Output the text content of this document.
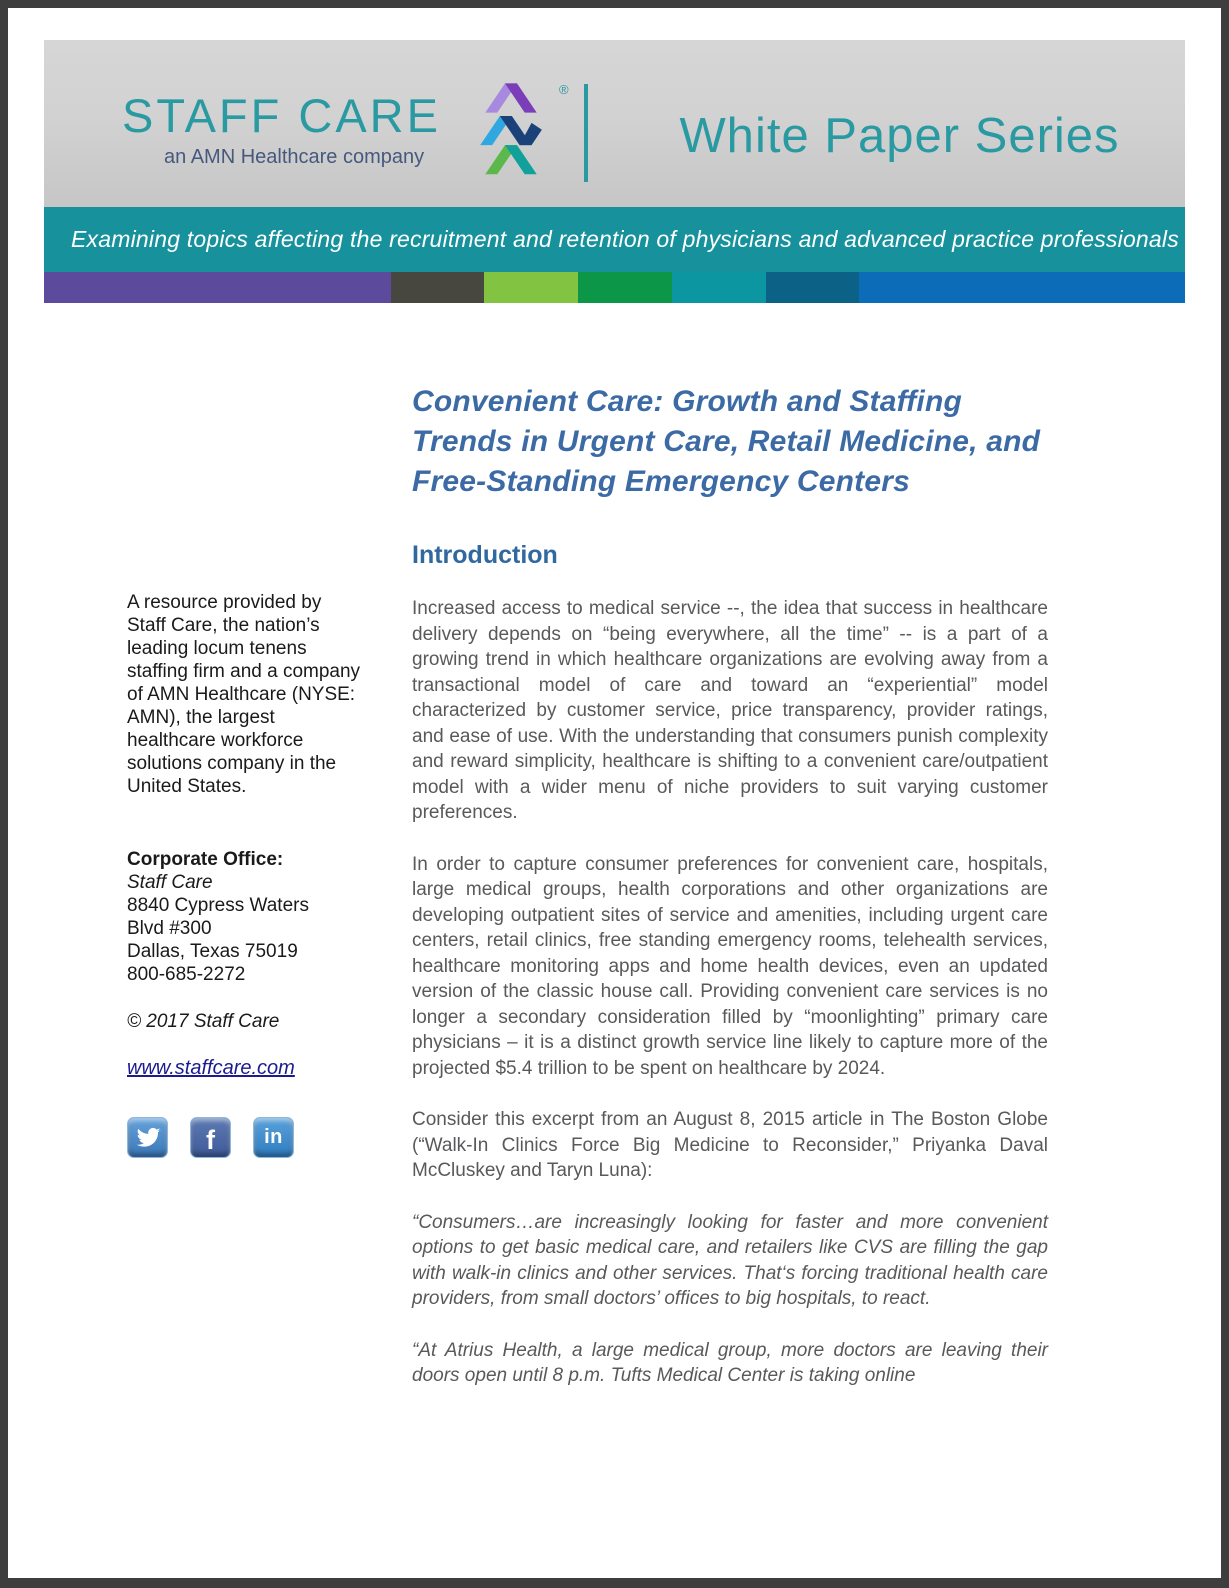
STAFF CARE
an AMN Healthcare company
®
White Paper Series
Examining topics affecting the recruitment and retention of physicians and advanced practice professionals
A resource provided by Staff Care, the nation’s leading locum tenens staffing firm and a company of AMN Healthcare (NYSE: AMN), the largest healthcare workforce solutions company in the United States.
Corporate Office:
Staff Care
8840 Cypress Waters
Blvd #300
Dallas, Texas 75019
800-685-2272
© 2017 Staff Care
www.staffcare.com
f in
Convenient Care: Growth and Staffing
Trends in Urgent Care, Retail Medicine, and
Free-Standing Emergency Centers
Introduction

Increased access to medical service --, the idea that success in healthcare delivery depends on “being everywhere, all the time” -- is a part of a growing trend in which healthcare organizations are evolving away from a transactional model of care and toward an “experiential” model characterized by customer service, price transparency, provider ratings, and ease of use. With the understanding that consumers punish complexity and reward simplicity, healthcare is shifting to a convenient care/outpatient model with a wider menu of niche providers to suit varying customer preferences.

In order to capture consumer preferences for convenient care, hospitals, large medical groups, health corporations and other organizations are developing outpatient sites of service and amenities, including urgent care centers, retail clinics, free standing emergency rooms, telehealth services, healthcare monitoring apps and home health devices, even an updated version of the classic house call. Providing convenient care services is no longer a secondary consideration filled by “moonlighting” primary care physicians – it is a distinct growth service line likely to capture more of the projected $5.4 trillion to be spent on healthcare by 2024.

Consider this excerpt from an August 8, 2015 article in The Boston Globe (“Walk-In Clinics Force Big Medicine to Reconsider,” Priyanka Daval McCluskey and Taryn Luna):

“Consumers…are increasingly looking for faster and more convenient options to get basic medical care, and retailers like CVS are filling the gap with walk-in clinics and other services. That‘s forcing traditional health care providers, from small doctors’ offices to big hospitals, to react.

“At Atrius Health, a large medical group, more doctors are leaving their doors open until 8 p.m. Tufts Medical Center is taking online
